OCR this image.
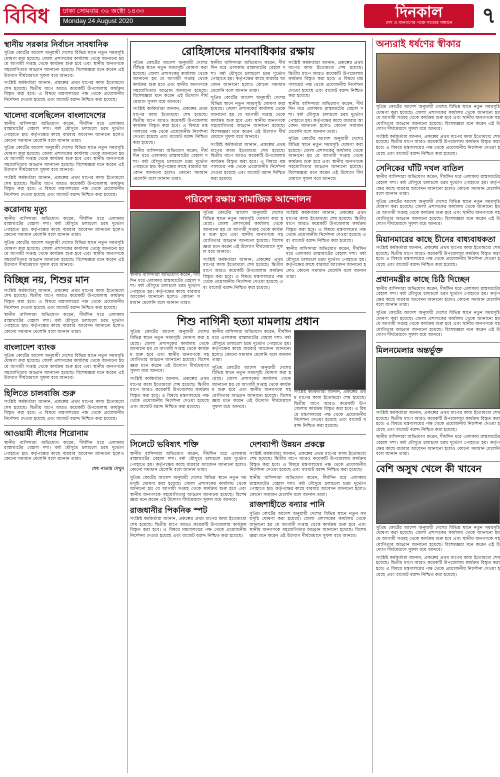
বিবিধ	ঢাকা সোমবার ৩০ অক্টো ১৪৩৩
Monday 24 August 2020
দিনকাল
দেশ ও জনগণের পক্ষে সত্যের সন্ধানে	৭
স্থানীয় সরকার নির্বাচন সাবধানিক

সুপ্রিম কোর্টের আদেশ অনুযায়ী দেশের বিভিন্ন স্থানে নতুন সময়সূচি ঘোষণা করা হয়েছে। জেলা প্রশাসকের কার্যালয় থেকে জানানো হয় যে আগামী সপ্তাহ থেকে কার্যক্রম শুরু হবে এবং স্থানীয় জনগণকে সহযোগিতার আহ্বান জানানো হয়েছে। বিশেষজ্ঞরা মনে করেন এই উদ্যোগ দীর্ঘমেয়াদে সুফল বয়ে আনবে।

সংশ্লিষ্ট কর্মকর্তারা জানান, প্রকল্পের প্রথম ধাপের কাজ ইতোমধ্যে শেষ হয়েছে। দ্বিতীয় ধাপে আরও কয়েকটি উপজেলায় কার্যক্রম বিস্তৃত করা হবে। এ বিষয়ে মন্ত্রণালয়ের পক্ষ থেকে প্রয়োজনীয় নির্দেশনা দেওয়া হয়েছে এবং বাজেট বরাদ্দ নিশ্চিত করা হয়েছে।

খালেদা বলেছিলেন বাংলাদেশের

স্থানীয় বাসিন্দারা অভিযোগ করেন, দীর্ঘদিন ধরে এলাকায় রাস্তাঘাটের বেহাল দশা। বর্ষা মৌসুমে চলাচলে চরম দুর্ভোগ পোহাতে হয়। কর্তৃপক্ষের কাছে বারবার আবেদন জানানো হলেও কোনো সমাধান মেলেনি বলে জানান তারা।

সুপ্রিম কোর্টের আদেশ অনুযায়ী দেশের বিভিন্ন স্থানে নতুন সময়সূচি ঘোষণা করা হয়েছে। জেলা প্রশাসকের কার্যালয় থেকে জানানো হয় যে আগামী সপ্তাহ থেকে কার্যক্রম শুরু হবে এবং স্থানীয় জনগণকে সহযোগিতার আহ্বান জানানো হয়েছে। বিশেষজ্ঞরা মনে করেন এই উদ্যোগ দীর্ঘমেয়াদে সুফল বয়ে আনবে।

সংশ্লিষ্ট কর্মকর্তারা জানান, প্রকল্পের প্রথম ধাপের কাজ ইতোমধ্যে শেষ হয়েছে। দ্বিতীয় ধাপে আরও কয়েকটি উপজেলায় কার্যক্রম বিস্তৃত করা হবে। এ বিষয়ে মন্ত্রণালয়ের পক্ষ থেকে প্রয়োজনীয় নির্দেশনা দেওয়া হয়েছে এবং বাজেট বরাদ্দ নিশ্চিত করা হয়েছে।

করোনায় মৃত্যু

স্থানীয় বাসিন্দারা অভিযোগ করেন, দীর্ঘদিন ধরে এলাকায় রাস্তাঘাটের বেহাল দশা। বর্ষা মৌসুমে চলাচলে চরম দুর্ভোগ পোহাতে হয়। কর্তৃপক্ষের কাছে বারবার আবেদন জানানো হলেও কোনো সমাধান মেলেনি বলে জানান তারা।

সুপ্রিম কোর্টের আদেশ অনুযায়ী দেশের বিভিন্ন স্থানে নতুন সময়সূচি ঘোষণা করা হয়েছে। জেলা প্রশাসকের কার্যালয় থেকে জানানো হয় যে আগামী সপ্তাহ থেকে কার্যক্রম শুরু হবে এবং স্থানীয় জনগণকে সহযোগিতার আহ্বান জানানো হয়েছে। বিশেষজ্ঞরা মনে করেন এই উদ্যোগ দীর্ঘমেয়াদে সুফল বয়ে আনবে।

বিচ্ছিন্ন নয়, শিশুর মান

সংশ্লিষ্ট কর্মকর্তারা জানান, প্রকল্পের প্রথম ধাপের কাজ ইতোমধ্যে শেষ হয়েছে। দ্বিতীয় ধাপে আরও কয়েকটি উপজেলায় কার্যক্রম বিস্তৃত করা হবে। এ বিষয়ে মন্ত্রণালয়ের পক্ষ থেকে প্রয়োজনীয় নির্দেশনা দেওয়া হয়েছে এবং বাজেট বরাদ্দ নিশ্চিত করা হয়েছে।

স্থানীয় বাসিন্দারা অভিযোগ করেন, দীর্ঘদিন ধরে এলাকায় রাস্তাঘাটের বেহাল দশা। বর্ষা মৌসুমে চলাচলে চরম দুর্ভোগ পোহাতে হয়। কর্তৃপক্ষের কাছে বারবার আবেদন জানানো হলেও কোনো সমাধান মেলেনি বলে জানান তারা।

বাংলাদেশ ব্যাংক

সুপ্রিম কোর্টের আদেশ অনুযায়ী দেশের বিভিন্ন স্থানে নতুন সময়সূচি ঘোষণা করা হয়েছে। জেলা প্রশাসকের কার্যালয় থেকে জানানো হয় যে আগামী সপ্তাহ থেকে কার্যক্রম শুরু হবে এবং স্থানীয় জনগণকে সহযোগিতার আহ্বান জানানো হয়েছে। বিশেষজ্ঞরা মনে করেন এই উদ্যোগ দীর্ঘমেয়াদে সুফল বয়ে আনবে।

হিলিতে চালবাজি শুরু

সংশ্লিষ্ট কর্মকর্তারা জানান, প্রকল্পের প্রথম ধাপের কাজ ইতোমধ্যে শেষ হয়েছে। দ্বিতীয় ধাপে আরও কয়েকটি উপজেলায় কার্যক্রম বিস্তৃত করা হবে। এ বিষয়ে মন্ত্রণালয়ের পক্ষ থেকে প্রয়োজনীয় নির্দেশনা দেওয়া হয়েছে এবং বাজেট বরাদ্দ নিশ্চিত করা হয়েছে।

আওয়ামী লীগের শিরোনাম

স্থানীয় বাসিন্দারা অভিযোগ করেন, দীর্ঘদিন ধরে এলাকায় রাস্তাঘাটের বেহাল দশা। বর্ষা মৌসুমে চলাচলে চরম দুর্ভোগ পোহাতে হয়। কর্তৃপক্ষের কাছে বারবার আবেদন জানানো হলেও কোনো সমাধান মেলেনি বলে জানান তারা।

শেষ পাতায় দেখুন
রোহিঙ্গাদের মানবাধিকার রক্ষায়

সুপ্রিম কোর্টের আদেশ অনুযায়ী দেশের বিভিন্ন স্থানে নতুন সময়সূচি ঘোষণা করা হয়েছে। জেলা প্রশাসকের কার্যালয় থেকে জানানো হয় যে আগামী সপ্তাহ থেকে কার্যক্রম শুরু হবে এবং স্থানীয় জনগণকে সহযোগিতার আহ্বান জানানো হয়েছে। বিশেষজ্ঞরা মনে করেন এই উদ্যোগ দীর্ঘমেয়াদে সুফল বয়ে আনবে।

সংশ্লিষ্ট কর্মকর্তারা জানান, প্রকল্পের প্রথম ধাপের কাজ ইতোমধ্যে শেষ হয়েছে। দ্বিতীয় ধাপে আরও কয়েকটি উপজেলায় কার্যক্রম বিস্তৃত করা হবে। এ বিষয়ে মন্ত্রণালয়ের পক্ষ থেকে প্রয়োজনীয় নির্দেশনা দেওয়া হয়েছে এবং বাজেট বরাদ্দ নিশ্চিত করা হয়েছে।

স্থানীয় বাসিন্দারা অভিযোগ করেন, দীর্ঘদিন ধরে এলাকায় রাস্তাঘাটের বেহাল দশা। বর্ষা মৌসুমে চলাচলে চরম দুর্ভোগ পোহাতে হয়। কর্তৃপক্ষের কাছে বারবার আবেদন জানানো হলেও কোনো সমাধান মেলেনি বলে জানান তারা।

স্থানীয় বাসিন্দারা অভিযোগ করেন, দীর্ঘদিন ধরে এলাকায় রাস্তাঘাটের বেহাল দশা। বর্ষা মৌসুমে চলাচলে চরম দুর্ভোগ পোহাতে হয়। কর্তৃপক্ষের কাছে বারবার আবেদন জানানো হলেও কোনো সমাধান মেলেনি বলে জানান তারা।

সুপ্রিম কোর্টের আদেশ অনুযায়ী দেশের বিভিন্ন স্থানে নতুন সময়সূচি ঘোষণা করা হয়েছে। জেলা প্রশাসকের কার্যালয় থেকে জানানো হয় যে আগামী সপ্তাহ থেকে কার্যক্রম শুরু হবে এবং স্থানীয় জনগণকে সহযোগিতার আহ্বান জানানো হয়েছে। বিশেষজ্ঞরা মনে করেন এই উদ্যোগ দীর্ঘমেয়াদে সুফল বয়ে আনবে।

সংশ্লিষ্ট কর্মকর্তারা জানান, প্রকল্পের প্রথম ধাপের কাজ ইতোমধ্যে শেষ হয়েছে। দ্বিতীয় ধাপে আরও কয়েকটি উপজেলায় কার্যক্রম বিস্তৃত করা হবে। এ বিষয়ে মন্ত্রণালয়ের পক্ষ থেকে প্রয়োজনীয় নির্দেশনা দেওয়া হয়েছে এবং বাজেট বরাদ্দ নিশ্চিত করা হয়েছে।

সংশ্লিষ্ট কর্মকর্তারা জানান, প্রকল্পের প্রথম ধাপের কাজ ইতোমধ্যে শেষ হয়েছে। দ্বিতীয় ধাপে আরও কয়েকটি উপজেলায় কার্যক্রম বিস্তৃত করা হবে। এ বিষয়ে মন্ত্রণালয়ের পক্ষ থেকে প্রয়োজনীয় নির্দেশনা দেওয়া হয়েছে এবং বাজেট বরাদ্দ নিশ্চিত করা হয়েছে।

স্থানীয় বাসিন্দারা অভিযোগ করেন, দীর্ঘদিন ধরে এলাকায় রাস্তাঘাটের বেহাল দশা। বর্ষা মৌসুমে চলাচলে চরম দুর্ভোগ পোহাতে হয়। কর্তৃপক্ষের কাছে বারবার আবেদন জানানো হলেও কোনো সমাধান মেলেনি বলে জানান তারা।

সুপ্রিম কোর্টের আদেশ অনুযায়ী দেশের বিভিন্ন স্থানে নতুন সময়সূচি ঘোষণা করা হয়েছে। জেলা প্রশাসকের কার্যালয় থেকে জানানো হয় যে আগামী সপ্তাহ থেকে কার্যক্রম শুরু হবে এবং স্থানীয় জনগণকে সহযোগিতার আহ্বান জানানো হয়েছে। বিশেষজ্ঞরা মনে করেন এই উদ্যোগ দীর্ঘমেয়াদে সুফল বয়ে আনবে।

পরিবেশ রক্ষায় সামাজিক আন্দোলন

স্থানীয় বাসিন্দারা অভিযোগ করেন, দীর্ঘদিন ধরে এলাকায় রাস্তাঘাটের বেহাল দশা। বর্ষা মৌসুমে চলাচলে চরম দুর্ভোগ পোহাতে হয়। কর্তৃপক্ষের কাছে বারবার আবেদন জানানো হলেও কোনো সমাধান মেলেনি বলে জানান তারা।

সুপ্রিম কোর্টের আদেশ অনুযায়ী দেশের বিভিন্ন স্থানে নতুন সময়সূচি ঘোষণা করা হয়েছে। জেলা প্রশাসকের কার্যালয় থেকে জানানো হয় যে আগামী সপ্তাহ থেকে কার্যক্রম শুরু হবে এবং স্থানীয় জনগণকে সহযোগিতার আহ্বান জানানো হয়েছে। বিশেষজ্ঞরা মনে করেন এই উদ্যোগ দীর্ঘমেয়াদে সুফল বয়ে আনবে।

সংশ্লিষ্ট কর্মকর্তারা জানান, প্রকল্পের প্রথম ধাপের কাজ ইতোমধ্যে শেষ হয়েছে। দ্বিতীয় ধাপে আরও কয়েকটি উপজেলায় কার্যক্রম বিস্তৃত করা হবে। এ বিষয়ে মন্ত্রণালয়ের পক্ষ থেকে প্রয়োজনীয় নির্দেশনা দেওয়া হয়েছে এবং বাজেট বরাদ্দ নিশ্চিত করা হয়েছে।

সংশ্লিষ্ট কর্মকর্তারা জানান, প্রকল্পের প্রথম ধাপের কাজ ইতোমধ্যে শেষ হয়েছে। দ্বিতীয় ধাপে আরও কয়েকটি উপজেলায় কার্যক্রম বিস্তৃত করা হবে। এ বিষয়ে মন্ত্রণালয়ের পক্ষ থেকে প্রয়োজনীয় নির্দেশনা দেওয়া হয়েছে এবং বাজেট বরাদ্দ নিশ্চিত করা হয়েছে।

স্থানীয় বাসিন্দারা অভিযোগ করেন, দীর্ঘদিন ধরে এলাকায় রাস্তাঘাটের বেহাল দশা। বর্ষা মৌসুমে চলাচলে চরম দুর্ভোগ পোহাতে হয়। কর্তৃপক্ষের কাছে বারবার আবেদন জানানো হলেও কোনো সমাধান মেলেনি বলে জানান তারা।

শিশু নাগিনী হত্যা মামলায় প্রধান

সুপ্রিম কোর্টের আদেশ অনুযায়ী দেশের বিভিন্ন স্থানে নতুন সময়সূচি ঘোষণা করা হয়েছে। জেলা প্রশাসকের কার্যালয় থেকে জানানো হয় যে আগামী সপ্তাহ থেকে কার্যক্রম শুরু হবে এবং স্থানীয় জনগণকে সহযোগিতার আহ্বান জানানো হয়েছে। বিশেষজ্ঞরা মনে করেন এই উদ্যোগ দীর্ঘমেয়াদে সুফল বয়ে আনবে।

সংশ্লিষ্ট কর্মকর্তারা জানান, প্রকল্পের প্রথম ধাপের কাজ ইতোমধ্যে শেষ হয়েছে। দ্বিতীয় ধাপে আরও কয়েকটি উপজেলায় কার্যক্রম বিস্তৃত করা হবে। এ বিষয়ে মন্ত্রণালয়ের পক্ষ থেকে প্রয়োজনীয় নির্দেশনা দেওয়া হয়েছে এবং বাজেট বরাদ্দ নিশ্চিত করা হয়েছে।

স্থানীয় বাসিন্দারা অভিযোগ করেন, দীর্ঘদিন ধরে এলাকায় রাস্তাঘাটের বেহাল দশা। বর্ষা মৌসুমে চলাচলে চরম দুর্ভোগ পোহাতে হয়। কর্তৃপক্ষের কাছে বারবার আবেদন জানানো হলেও কোনো সমাধান মেলেনি বলে জানান তারা।

সুপ্রিম কোর্টের আদেশ অনুযায়ী দেশের বিভিন্ন স্থানে নতুন সময়সূচি ঘোষণা করা হয়েছে। জেলা প্রশাসকের কার্যালয় থেকে জানানো হয় যে আগামী সপ্তাহ থেকে কার্যক্রম শুরু হবে এবং স্থানীয় জনগণকে সহযোগিতার আহ্বান জানানো হয়েছে। বিশেষজ্ঞরা মনে করেন এই উদ্যোগ দীর্ঘমেয়াদে সুফল বয়ে আনবে।

সংশ্লিষ্ট কর্মকর্তারা জানান, প্রকল্পের প্রথম ধাপের কাজ ইতোমধ্যে শেষ হয়েছে। দ্বিতীয় ধাপে আরও কয়েকটি উপজেলায় কার্যক্রম বিস্তৃত করা হবে। এ বিষয়ে মন্ত্রণালয়ের পক্ষ থেকে প্রয়োজনীয় নির্দেশনা দেওয়া হয়েছে এবং বাজেট বরাদ্দ নিশ্চিত করা হয়েছে।

সিলেটে ভবিষ্যৎ শক্তি

স্থানীয় বাসিন্দারা অভিযোগ করেন, দীর্ঘদিন ধরে এলাকায় রাস্তাঘাটের বেহাল দশা। বর্ষা মৌসুমে চলাচলে চরম দুর্ভোগ পোহাতে হয়। কর্তৃপক্ষের কাছে বারবার আবেদন জানানো হলেও কোনো সমাধান মেলেনি বলে জানান তারা।

সুপ্রিম কোর্টের আদেশ অনুযায়ী দেশের বিভিন্ন স্থানে নতুন সময়সূচি ঘোষণা করা হয়েছে। জেলা প্রশাসকের কার্যালয় থেকে জানানো হয় যে আগামী সপ্তাহ থেকে কার্যক্রম শুরু হবে এবং স্থানীয় জনগণকে সহযোগিতার আহ্বান জানানো হয়েছে। বিশেষজ্ঞরা মনে করেন এই উদ্যোগ দীর্ঘমেয়াদে সুফল বয়ে আনবে।

রাজধানীর পিকনিক স্পট

সংশ্লিষ্ট কর্মকর্তারা জানান, প্রকল্পের প্রথম ধাপের কাজ ইতোমধ্যে শেষ হয়েছে। দ্বিতীয় ধাপে আরও কয়েকটি উপজেলায় কার্যক্রম বিস্তৃত করা হবে। এ বিষয়ে মন্ত্রণালয়ের পক্ষ থেকে প্রয়োজনীয় নির্দেশনা দেওয়া হয়েছে এবং বাজেট বরাদ্দ নিশ্চিত করা হয়েছে।

দেশব্যাপী উন্নয়ন প্রকল্পে

সংশ্লিষ্ট কর্মকর্তারা জানান, প্রকল্পের প্রথম ধাপের কাজ ইতোমধ্যে শেষ হয়েছে। দ্বিতীয় ধাপে আরও কয়েকটি উপজেলায় কার্যক্রম বিস্তৃত করা হবে। এ বিষয়ে মন্ত্রণালয়ের পক্ষ থেকে প্রয়োজনীয় নির্দেশনা দেওয়া হয়েছে এবং বাজেট বরাদ্দ নিশ্চিত করা হয়েছে।

স্থানীয় বাসিন্দারা অভিযোগ করেন, দীর্ঘদিন ধরে এলাকায় রাস্তাঘাটের বেহাল দশা। বর্ষা মৌসুমে চলাচলে চরম দুর্ভোগ পোহাতে হয়। কর্তৃপক্ষের কাছে বারবার আবেদন জানানো হলেও কোনো সমাধান মেলেনি বলে জানান তারা।

রাজশাহীতে বন্যার পানি

সুপ্রিম কোর্টের আদেশ অনুযায়ী দেশের বিভিন্ন স্থানে নতুন সময়সূচি ঘোষণা করা হয়েছে। জেলা প্রশাসকের কার্যালয় থেকে জানানো হয় যে আগামী সপ্তাহ থেকে কার্যক্রম শুরু হবে এবং স্থানীয় জনগণকে সহযোগিতার আহ্বান জানানো হয়েছে। বিশেষজ্ঞরা মনে করেন এই উদ্যোগ দীর্ঘমেয়াদে সুফল বয়ে আনবে।

অন্যরাই ধর্ষণের স্বীকার

সুপ্রিম কোর্টের আদেশ অনুযায়ী দেশের বিভিন্ন স্থানে নতুন সময়সূচি ঘোষণা করা হয়েছে। জেলা প্রশাসকের কার্যালয় থেকে জানানো হয় যে আগামী সপ্তাহ থেকে কার্যক্রম শুরু হবে এবং স্থানীয় জনগণকে সহযোগিতার আহ্বান জানানো হয়েছে। বিশেষজ্ঞরা মনে করেন এই উদ্যোগ দীর্ঘমেয়াদে সুফল বয়ে আনবে।

সংশ্লিষ্ট কর্মকর্তারা জানান, প্রকল্পের প্রথম ধাপের কাজ ইতোমধ্যে শেষ হয়েছে। দ্বিতীয় ধাপে আরও কয়েকটি উপজেলায় কার্যক্রম বিস্তৃত করা হবে। এ বিষয়ে মন্ত্রণালয়ের পক্ষ থেকে প্রয়োজনীয় নির্দেশনা দেওয়া হয়েছে এবং বাজেট বরাদ্দ নিশ্চিত করা হয়েছে।

সেনিকের ঘাঁটি দখল বাতিল

স্থানীয় বাসিন্দারা অভিযোগ করেন, দীর্ঘদিন ধরে এলাকায় রাস্তাঘাটের বেহাল দশা। বর্ষা মৌসুমে চলাচলে চরম দুর্ভোগ পোহাতে হয়। কর্তৃপক্ষের কাছে বারবার আবেদন জানানো হলেও কোনো সমাধান মেলেনি বলে জানান তারা।

সুপ্রিম কোর্টের আদেশ অনুযায়ী দেশের বিভিন্ন স্থানে নতুন সময়সূচি ঘোষণা করা হয়েছে। জেলা প্রশাসকের কার্যালয় থেকে জানানো হয় যে আগামী সপ্তাহ থেকে কার্যক্রম শুরু হবে এবং স্থানীয় জনগণকে সহযোগিতার আহ্বান জানানো হয়েছে। বিশেষজ্ঞরা মনে করেন এই উদ্যোগ দীর্ঘমেয়াদে সুফল বয়ে আনবে।

মিয়ানমারের কাছে চীনের বাধ্যবাধকতা

সংশ্লিষ্ট কর্মকর্তারা জানান, প্রকল্পের প্রথম ধাপের কাজ ইতোমধ্যে শেষ হয়েছে। দ্বিতীয় ধাপে আরও কয়েকটি উপজেলায় কার্যক্রম বিস্তৃত করা হবে। এ বিষয়ে মন্ত্রণালয়ের পক্ষ থেকে প্রয়োজনীয় নির্দেশনা দেওয়া হয়েছে এবং বাজেট বরাদ্দ নিশ্চিত করা হয়েছে।

প্রধানমন্ত্রীর কাছে চিঠি দিচ্ছেন

স্থানীয় বাসিন্দারা অভিযোগ করেন, দীর্ঘদিন ধরে এলাকায় রাস্তাঘাটের বেহাল দশা। বর্ষা মৌসুমে চলাচলে চরম দুর্ভোগ পোহাতে হয়। কর্তৃপক্ষের কাছে বারবার আবেদন জানানো হলেও কোনো সমাধান মেলেনি বলে জানান তারা।

সুপ্রিম কোর্টের আদেশ অনুযায়ী দেশের বিভিন্ন স্থানে নতুন সময়সূচি ঘোষণা করা হয়েছে। জেলা প্রশাসকের কার্যালয় থেকে জানানো হয় যে আগামী সপ্তাহ থেকে কার্যক্রম শুরু হবে এবং স্থানীয় জনগণকে সহযোগিতার আহ্বান জানানো হয়েছে। বিশেষজ্ঞরা মনে করেন এই উদ্যোগ দীর্ঘমেয়াদে সুফল বয়ে আনবে।

মিলনমেলার অন্তর্ভুক্ত

সংশ্লিষ্ট কর্মকর্তারা জানান, প্রকল্পের প্রথম ধাপের কাজ ইতোমধ্যে শেষ হয়েছে। দ্বিতীয় ধাপে আরও কয়েকটি উপজেলায় কার্যক্রম বিস্তৃত করা হবে। এ বিষয়ে মন্ত্রণালয়ের পক্ষ থেকে প্রয়োজনীয় নির্দেশনা দেওয়া হয়েছে এবং বাজেট বরাদ্দ নিশ্চিত করা হয়েছে।

স্থানীয় বাসিন্দারা অভিযোগ করেন, দীর্ঘদিন ধরে এলাকায় রাস্তাঘাটের বেহাল দশা। বর্ষা মৌসুমে চলাচলে চরম দুর্ভোগ পোহাতে হয়। কর্তৃপক্ষের কাছে বারবার আবেদন জানানো হলেও কোনো সমাধান মেলেনি বলে জানান তারা।

বেশি অসুখ খেলে কী খাবেন

সুপ্রিম কোর্টের আদেশ অনুযায়ী দেশের বিভিন্ন স্থানে নতুন সময়সূচি ঘোষণা করা হয়েছে। জেলা প্রশাসকের কার্যালয় থেকে জানানো হয় যে আগামী সপ্তাহ থেকে কার্যক্রম শুরু হবে এবং স্থানীয় জনগণকে সহযোগিতার আহ্বান জানানো হয়েছে। বিশেষজ্ঞরা মনে করেন এই উদ্যোগ দীর্ঘমেয়াদে সুফল বয়ে আনবে।

সংশ্লিষ্ট কর্মকর্তারা জানান, প্রকল্পের প্রথম ধাপের কাজ ইতোমধ্যে শেষ হয়েছে। দ্বিতীয় ধাপে আরও কয়েকটি উপজেলায় কার্যক্রম বিস্তৃত করা হবে। এ বিষয়ে মন্ত্রণালয়ের পক্ষ থেকে প্রয়োজনীয় নির্দেশনা দেওয়া হয়েছে এবং বাজেট বরাদ্দ নিশ্চিত করা হয়েছে।
